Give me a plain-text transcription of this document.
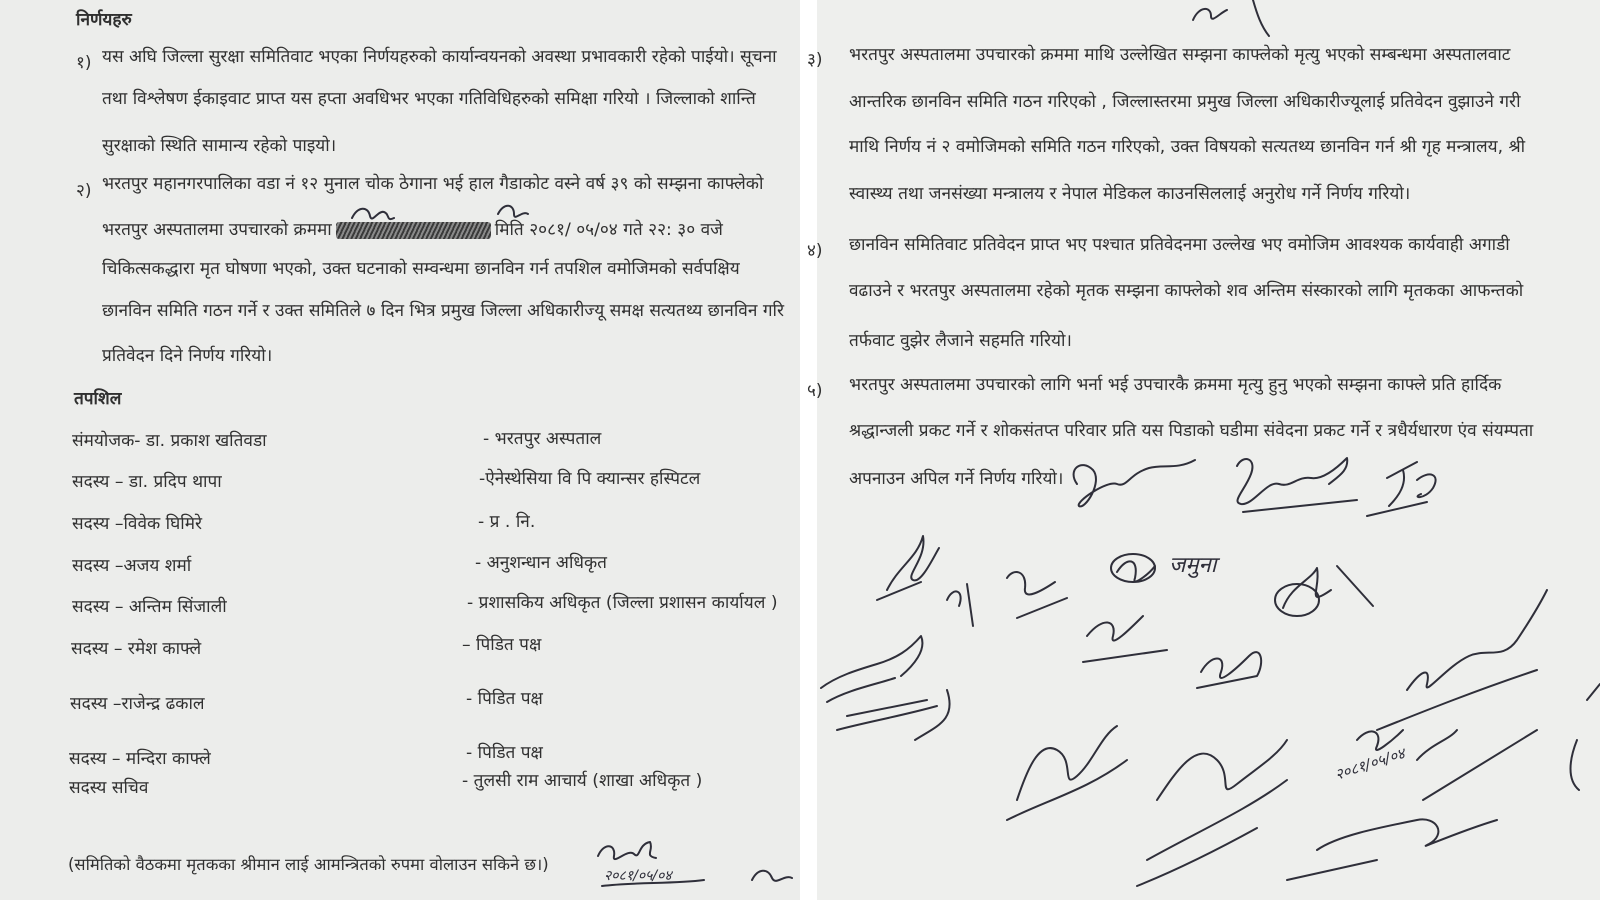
निर्णयहरु
१) यस अघि जिल्ला सुरक्षा समितिवाट भएका निर्णयहरुको कार्यान्वयनको अवस्था प्रभावकारी रहेको पाईयो। सूचना
तथा विश्लेषण ईकाइवाट प्राप्त यस हप्ता अवधिभर भएका गतिविधिहरुको समिक्षा गरियो । जिल्लाको शान्ति
सुरक्षाको स्थिति सामान्य रहेको पाइयो।
२) भरतपुर महानगरपालिका वडा नं १२ मुनाल चोक ठेगाना भई हाल गैडाकोट वस्ने वर्ष ३९ को सम्झना काफ्लेको
भरतपुर अस्पतालमा उपचारको क्रममा	मिति २०८१/ ०५/०४ गते २२: ३० वजे
चिकित्सकद्धारा मृत घोषणा भएको, उक्त घटनाको सम्वन्धमा छानविन गर्न तपशिल वमोजिमको सर्वपक्षिय
छानविन समिति गठन गर्ने र उक्त समितिले ७ दिन भित्र प्रमुख जिल्ला अधिकारीज्यू समक्ष सत्यतथ्य छानविन गरि
प्रतिवेदन दिने निर्णय गरियो।
तपशिल
संमयोजक- डा. प्रकाश खतिवडा	- भरतपुर अस्पताल
सदस्य – डा. प्रदिप थापा	-ऐनेस्थेसिया वि पि क्यान्सर हस्पिटल
सदस्य –विवेक घिमिरे	- प्र . नि.
सदस्य –अजय शर्मा	- अनुशन्धान अधिकृत
सदस्य – अन्तिम सिंजाली	- प्रशासकिय अधिकृत (जिल्ला प्रशासन कार्यायल )
सदस्य – रमेश काफ्ले	– पिडित पक्ष
सदस्य –राजेन्द्र ढकाल	- पिडित पक्ष
सदस्य – मन्दिरा काफ्ले	- पिडित पक्ष
सदस्य सचिव	- तुलसी राम आचार्य (शाखा अधिकृत )
(समितिको वैठकमा मृतकका श्रीमान लाई आमन्त्रितको रुपमा वोलाउन सकिने छ।)
२०८१/०५/०४
३) भरतपुर अस्पतालमा उपचारको क्रममा माथि उल्लेखित सम्झना काफ्लेको मृत्यु भएको सम्बन्धमा अस्पतालवाट
आन्तरिक छानविन समिति गठन गरिएको , जिल्लास्तरमा प्रमुख जिल्ला अधिकारीज्यूलाई प्रतिवेदन वुझाउने गरी
माथि निर्णय नं २ वमोजिमको समिति गठन गरिएको, उक्त विषयको सत्यतथ्य छानविन गर्न श्री गृह मन्त्रालय, श्री
स्वास्थ्य तथा जनसंख्या मन्त्रालय र नेपाल मेडिकल काउनसिललाई अनुरोध गर्ने निर्णय गरियो।
४) छानविन समितिवाट प्रतिवेदन प्राप्त भए पश्चात प्रतिवेदनमा उल्लेख भए वमोजिम आवश्यक कार्यवाही अगाडी
वढाउने र भरतपुर अस्पतालमा रहेको मृतक सम्झना काफ्लेको शव अन्तिम संस्कारको लागि मृतकका आफन्तको
तर्फवाट वुझेर लैजाने सहमति गरियो।
५) भरतपुर अस्पतालमा उपचारको लागि भर्ना भई उपचारकै क्रममा मृत्यु हुनु भएको सम्झना काफ्ले प्रति हार्दिक
श्रद्धान्जली प्रकट गर्ने र शोकसंतप्त परिवार प्रति यस पिडाको घडीमा संवेदना प्रकट गर्ने र त्रधैर्यधारण एंव संयम्पता
अपनाउन अपिल गर्ने निर्णय गरियो।
जमुना
२०८१/०५/०४
